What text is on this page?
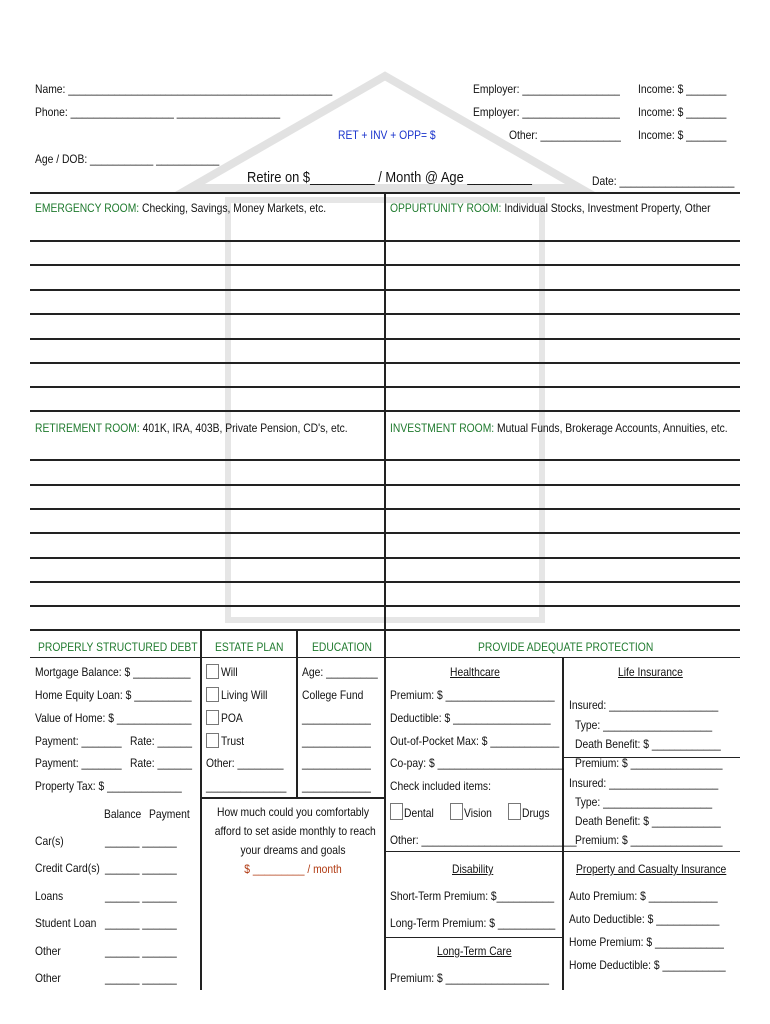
Name: ______________________________________________
Phone: __________________ __________________
Age / DOB: ___________ ___________
RET + INV + OPP= $
Retire on $_________ / Month @ Age _________
Employer: _________________
Employer: _________________
Other: ______________
Income: $ _______
Income: $ _______
Income: $ _______
Date: ____________________
EMERGENCY ROOM: Checking, Savings, Money Markets, etc.	OPPURTUNITY ROOM: Individual Stocks, Investment Property, Other
RETIREMENT ROOM: 401K, IRA, 403B, Private Pension, CD's, etc.	INVESTMENT ROOM: Mutual Funds, Brokerage Accounts, Annuities, etc.
PROPERLY STRUCTURED DEBT
Mortgage Balance: $ __________
Home Equity Loan: $ __________
Value of Home: $ _____________
Payment: _______ Rate: ______
Payment: _______ Rate: ______
Property Tax: $ _____________
Balance Payment
Car(s)	______ ______
Credit Card(s) ______ ______
Loans	______ ______
Student Loan ______ ______
Other	______ ______
Other	______ ______
ESTATE PLAN
Will
Living Will
POA
Trust
Other: ________
______________
EDUCATION
Age: _________
College Fund
____________
____________
____________
____________
How much could you comfortably
afford to set aside monthly to reach
your dreams and goals
$ _________ / month
PROVIDE ADEQUATE PROTECTION
Healthcare
Premium: $ ___________________
Deductible: $ _________________
Out-of-Pocket Max: $ ____________
Co-pay: $ ______________________
Check included items:
Dental	Vision	Drugs
Other: ___________________________
Disability
Short-Term Premium: $__________
Long-Term Premium: $ __________
Long-Term Care
Premium: $ __________________
Life Insurance
Insured: ___________________
Type: ___________________
Death Benefit: $ ____________
Premium: $ ________________
Insured: ___________________
Type: ___________________
Death Benefit: $ ____________
Premium: $ ________________
Property and Casualty Insurance
Auto Premium: $ ____________
Auto Deductible: $ ___________
Home Premium: $ ____________
Home Deductible: $ ___________
